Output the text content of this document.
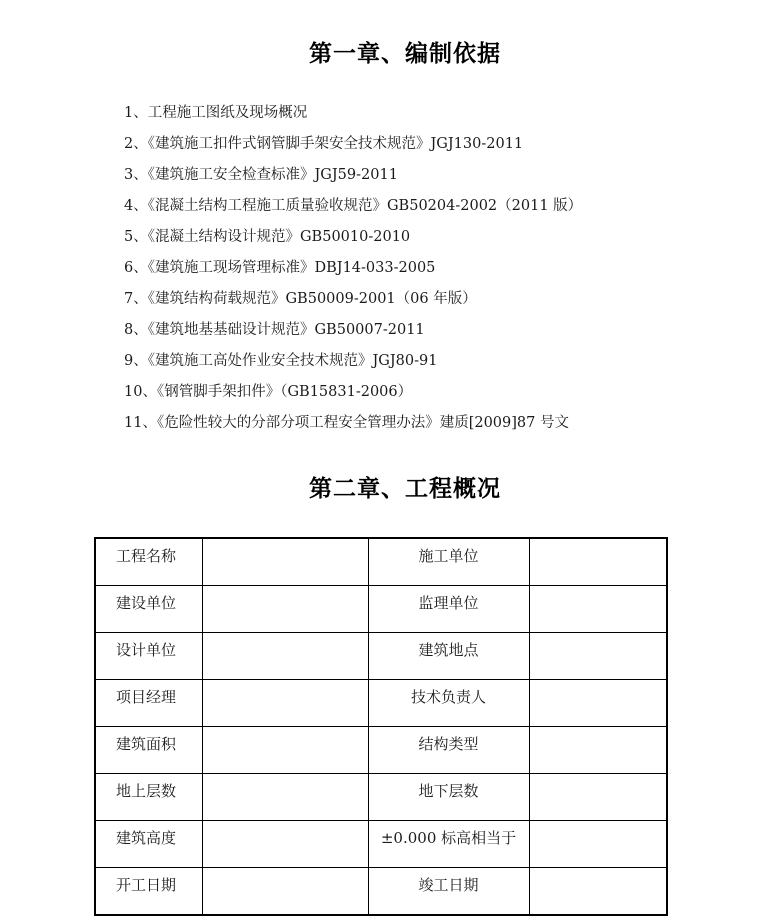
第一章、编制依据
1、工程施工图纸及现场概况
2、《建筑施工扣件式钢管脚手架安全技术规范》JGJ130-2011
3、《建筑施工安全检查标准》JGJ59-2011
4、《混凝土结构工程施工质量验收规范》GB50204-2002（2011 版）
5、《混凝土结构设计规范》GB50010-2010
6、《建筑施工现场管理标准》DBJ14-033-2005
7、《建筑结构荷载规范》GB50009-2001（06 年版）
8、《建筑地基基础设计规范》GB50007-2011
9、《建筑施工高处作业安全技术规范》JGJ80-91
10、《钢管脚手架扣件》（GB15831-2006）
11、《危险性较大的分部分项工程安全管理办法》建质[2009]87 号文
第二章、工程概况
工程名称		施工单位	
建设单位		监理单位	
设计单位		建筑地点	
项目经理		技术负责人	
建筑面积		结构类型	
地上层数		地下层数	
建筑高度		±0.000 标高相当于	
开工日期		竣工日期	
